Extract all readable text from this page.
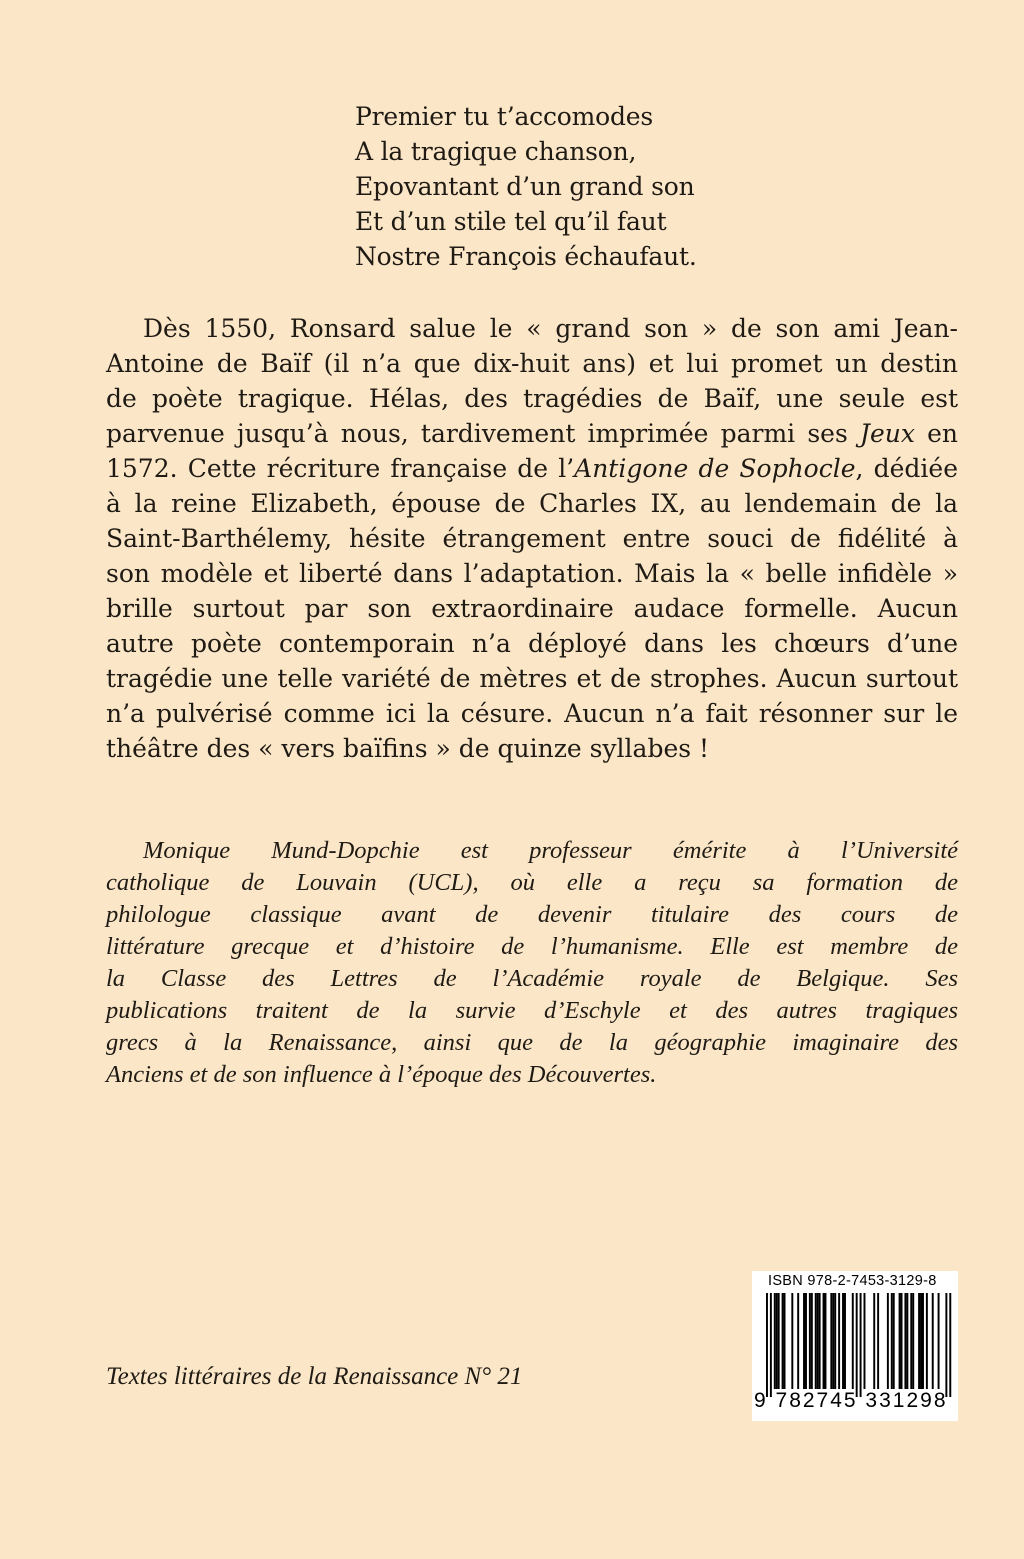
Premier tu t’accomodes
A la tragique chanson,
Epovantant d’un grand son
Et d’un stile tel qu’il faut
Nostre François échaufaut.
Dès 1550, Ronsard salue le « grand son » de son ami Jean-
Antoine de Baïf (il n’a que dix-huit ans) et lui promet un destin
de poète tragique. Hélas, des tragédies de Baïf, une seule est
parvenue jusqu’à nous, tardivement imprimée parmi ses Jeux en
1572. Cette récriture française de l’Antigone de Sophocle, dédiée
à la reine Elizabeth, épouse de Charles IX, au lendemain de la
Saint-Barthélemy, hésite étrangement entre souci de fidélité à
son modèle et liberté dans l’adaptation. Mais la « belle infidèle »
brille surtout par son extraordinaire audace formelle. Aucun
autre poète contemporain n’a déployé dans les chœurs d’une
tragédie une telle variété de mètres et de strophes. Aucun surtout
n’a pulvérisé comme ici la césure. Aucun n’a fait résonner sur le
théâtre des « vers baïfins » de quinze syllabes !
Monique Mund-Dopchie est professeur émérite à l’Université
catholique de Louvain (UCL), où elle a reçu sa formation de
philologue classique avant de devenir titulaire des cours de
littérature grecque et d’histoire de l’humanisme. Elle est membre de
la Classe des Lettres de l’Académie royale de Belgique. Ses
publications traitent de la survie d’Eschyle et des autres tragiques
grecs à la Renaissance, ainsi que de la géographie imaginaire des
Anciens et de son influence à l’époque des Découvertes.
Textes littéraires de la Renaissance N° 21
ISBN 978-2-7453-3129-8
9 782745 331298
